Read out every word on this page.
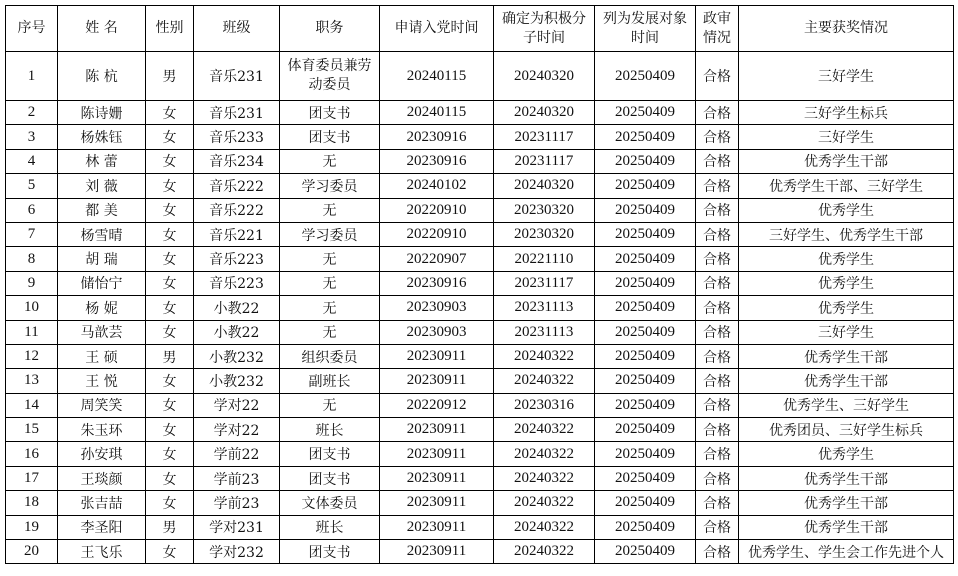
序号	姓 名	性别	班级	职务	申请入党时间	确定为积极分子时间	列为发展对象时间	政审情况	主要获奖情况
1	陈 杭	男	音乐231	体育委员兼劳动委员	20240115	20240320	20250409	合格	三好学生
2	陈诗姗	女	音乐231	团支书	20240115	20240320	20250409	合格	三好学生标兵
3	杨姝钰	女	音乐233	团支书	20230916	20231117	20250409	合格	三好学生
4	林 蕾	女	音乐234	无	20230916	20231117	20250409	合格	优秀学生干部
5	刘 薇	女	音乐222	学习委员	20240102	20240320	20250409	合格	优秀学生干部、三好学生
6	都 美	女	音乐222	无	20220910	20230320	20250409	合格	优秀学生
7	杨雪晴	女	音乐221	学习委员	20220910	20230320	20250409	合格	三好学生、优秀学生干部
8	胡 瑞	女	音乐223	无	20220907	20221110	20250409	合格	优秀学生
9	储怡宁	女	音乐223	无	20230916	20231117	20250409	合格	优秀学生
10	杨 妮	女	小教22	无	20230903	20231113	20250409	合格	优秀学生
11	马歆芸	女	小教22	无	20230903	20231113	20250409	合格	三好学生
12	王 硕	男	小教232	组织委员	20230911	20240322	20250409	合格	优秀学生干部
13	王 悦	女	小教232	副班长	20230911	20240322	20250409	合格	优秀学生干部
14	周笑笑	女	学对22	无	20220912	20230316	20250409	合格	优秀学生、三好学生
15	朱玉环	女	学对22	班长	20230911	20240322	20250409	合格	优秀团员、三好学生标兵
16	孙安琪	女	学前22	团支书	20230911	20240322	20250409	合格	优秀学生
17	王琰颜	女	学前23	团支书	20230911	20240322	20250409	合格	优秀学生干部
18	张吉喆	女	学前23	文体委员	20230911	20240322	20250409	合格	优秀学生干部
19	李圣阳	男	学对231	班长	20230911	20240322	20250409	合格	优秀学生干部
20	王飞乐	女	学对232	团支书	20230911	20240322	20250409	合格	优秀学生、学生会工作先进个人
